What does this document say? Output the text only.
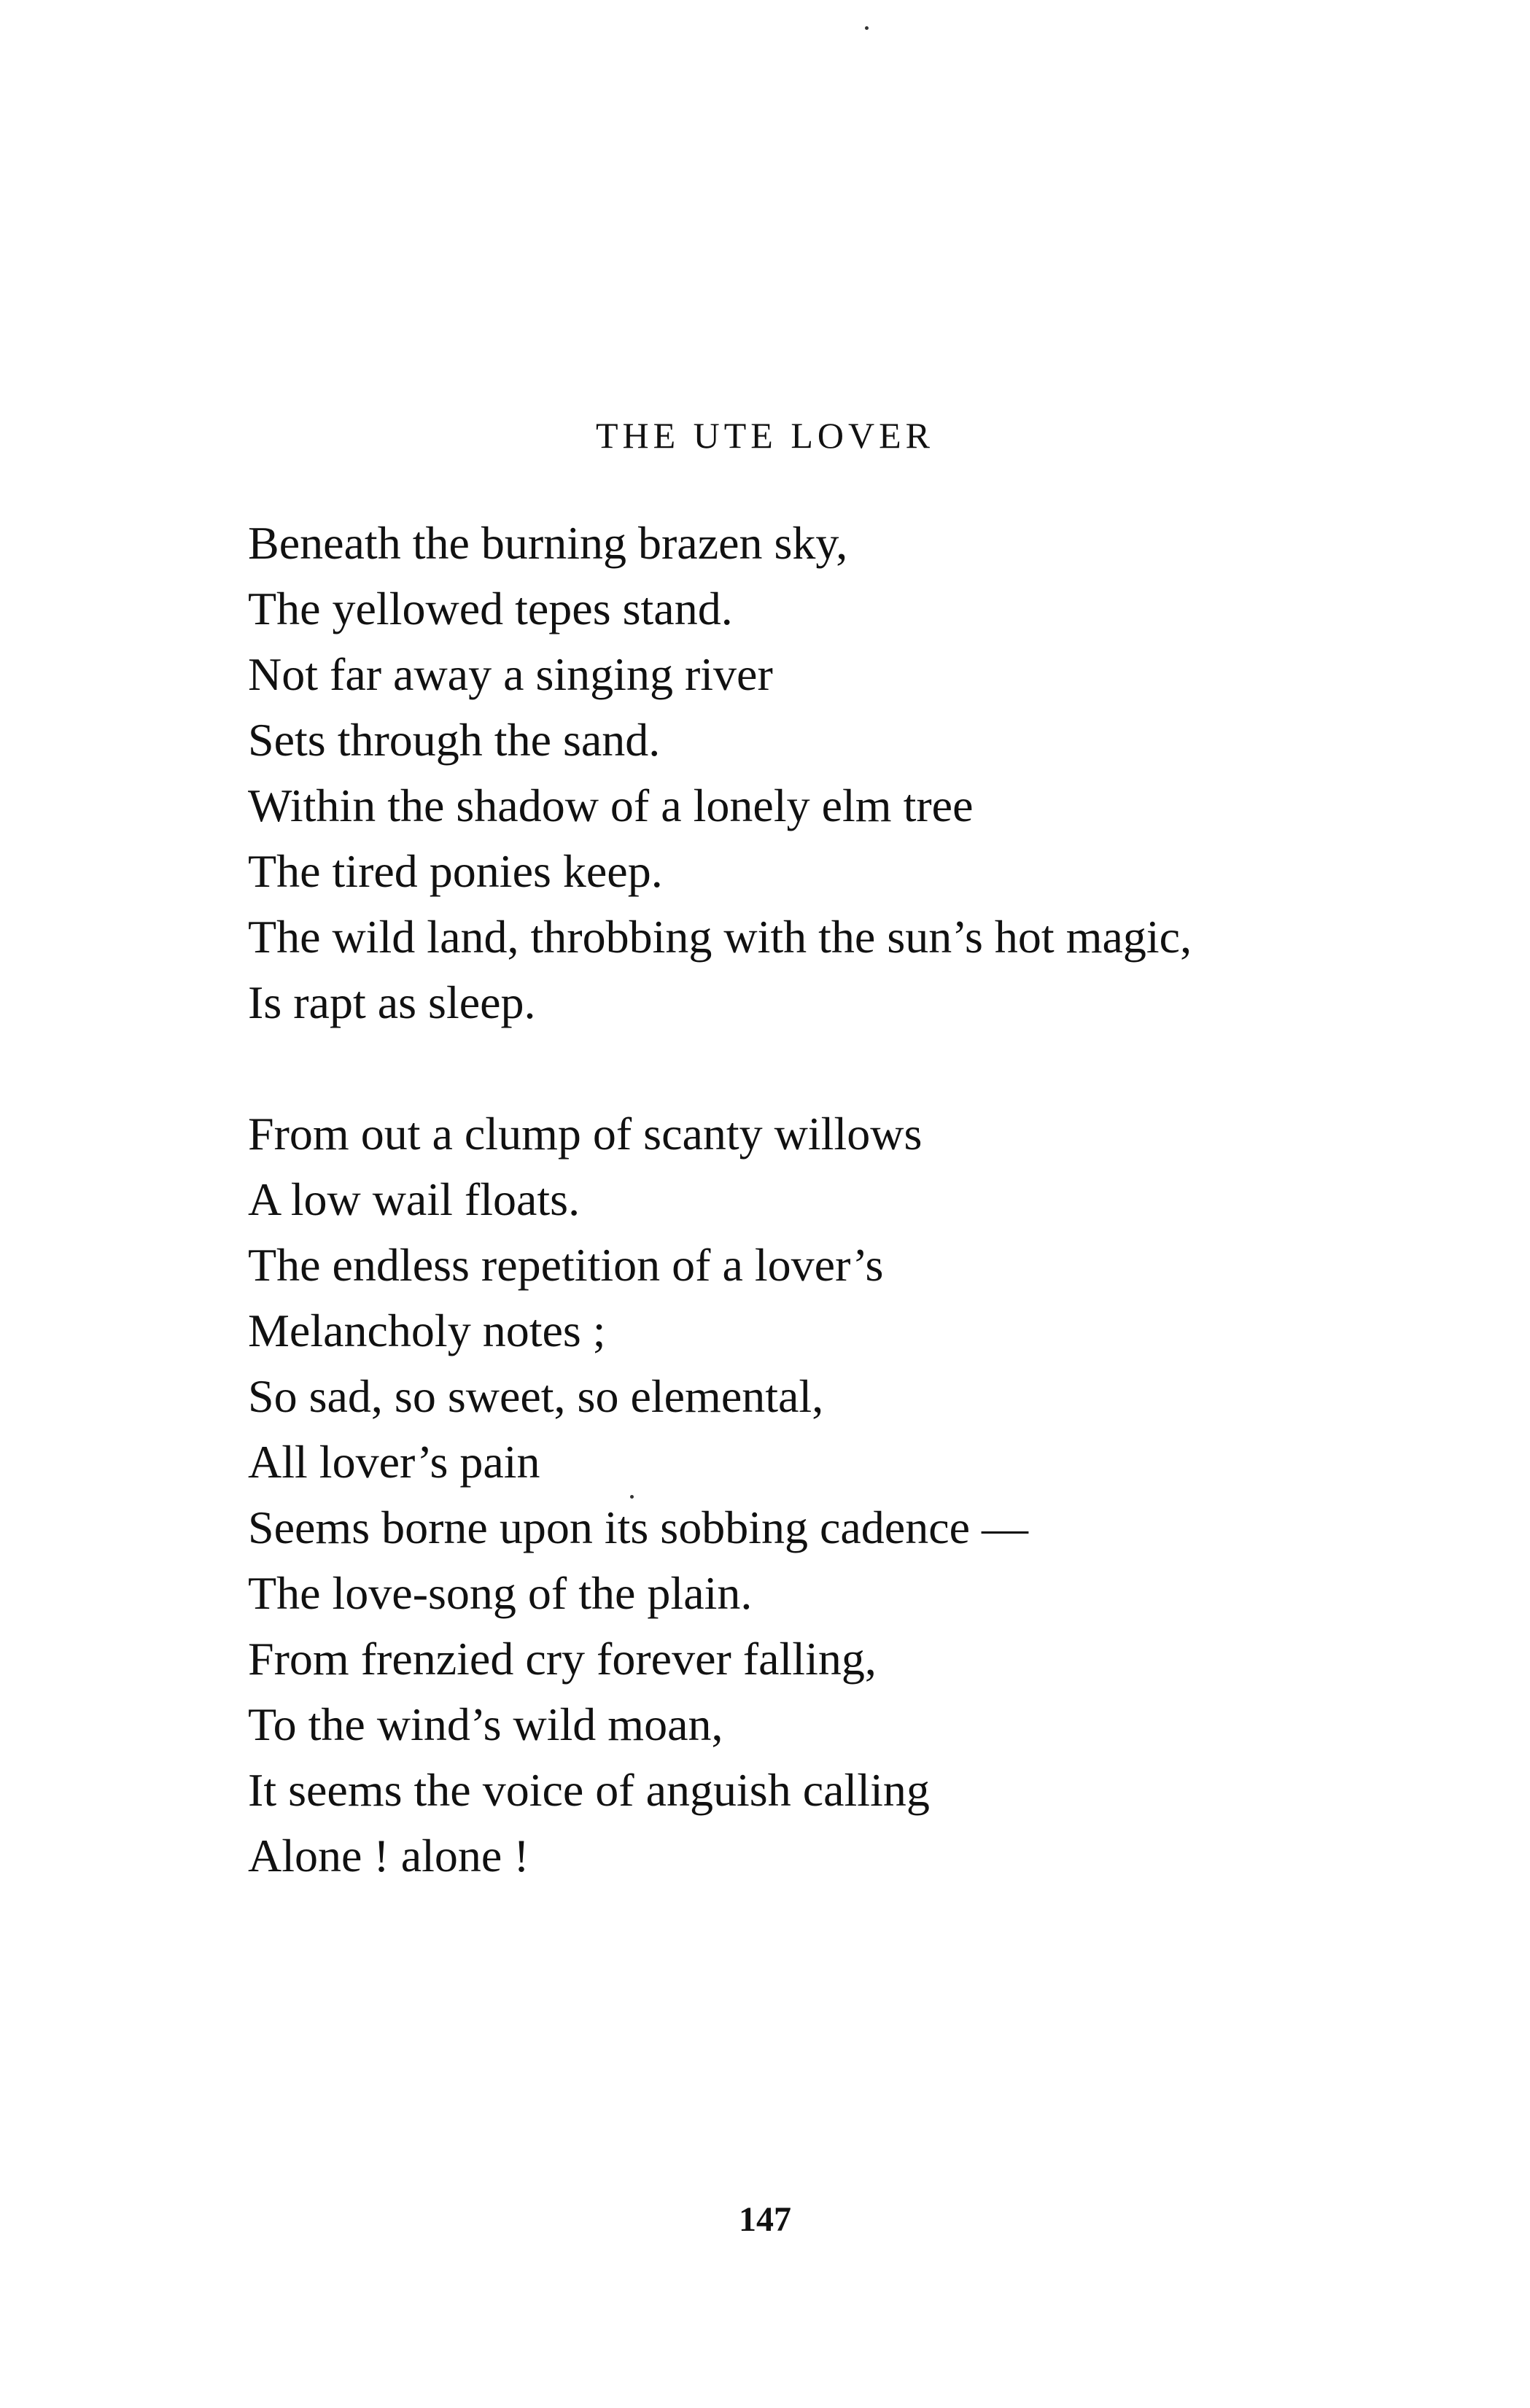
THE UTE LOVER
Beneath the burning brazen sky,
The yellowed tepes stand.
Not far away a singing river
Sets through the sand.
Within the shadow of a lonely elm tree
The tired ponies keep.
The wild land, throbbing with the sun’s hot magic,
Is rapt as sleep.
From out a clump of scanty willows
A low wail floats.
The endless repetition of a lover’s
Melancholy notes ;
So sad, so sweet, so elemental,
All lover’s pain
Seems borne upon its sobbing cadence —
The love-song of the plain.
From frenzied cry forever falling,
To the wind’s wild moan,
It seems the voice of anguish calling
Alone ! alone !
147
